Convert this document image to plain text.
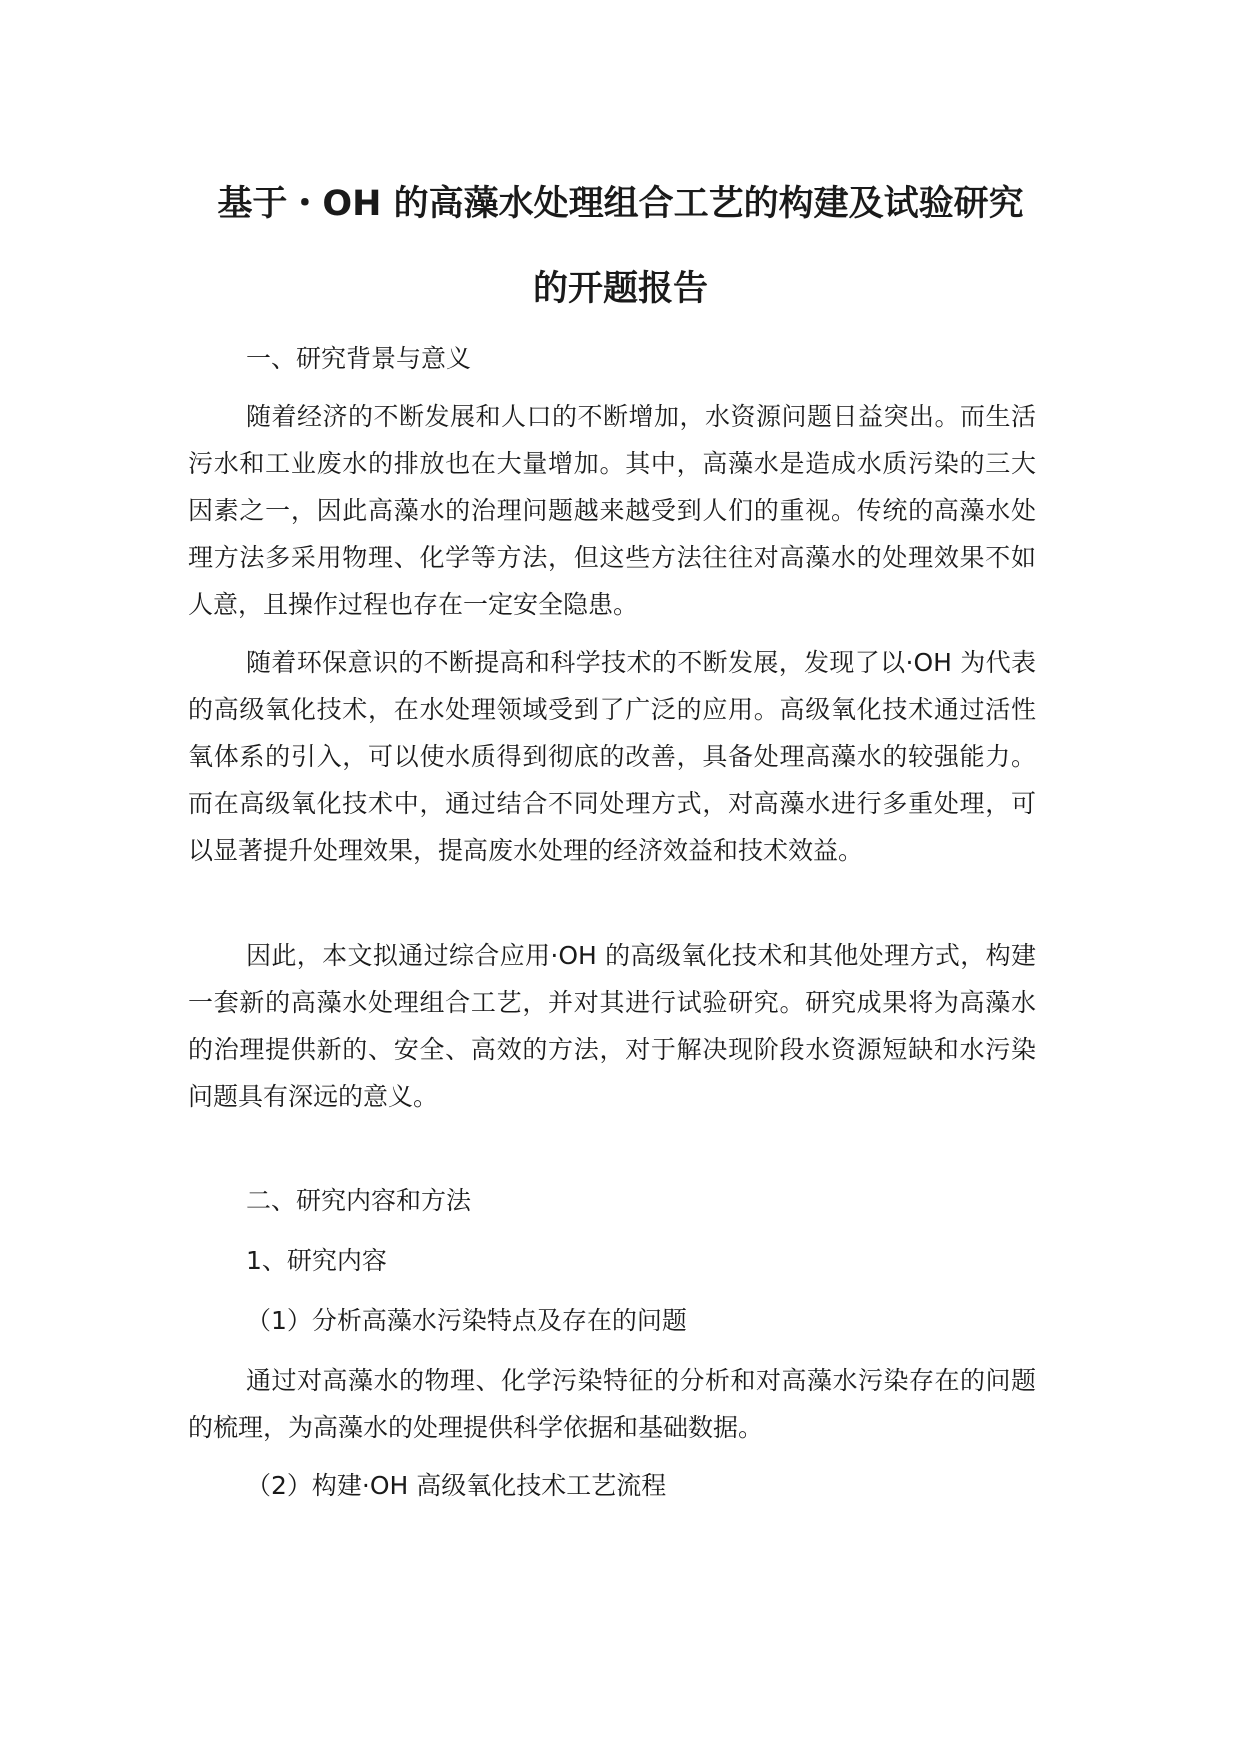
基于・OH 的高藻水处理组合工艺的构建及试验研究
的开题报告

一、研究背景与意义

随着经济的不断发展和人口的不断增加，水资源问题日益突出。而生活污水和工业废水的排放也在大量增加。其中，高藻水是造成水质污染的三大因素之一，因此高藻水的治理问题越来越受到人们的重视。传统的高藻水处理方法多采用物理、化学等方法，但这些方法往往对高藻水的处理效果不如人意，且操作过程也存在一定安全隐患。

随着环保意识的不断提高和科学技术的不断发展，发现了以·OH 为代表的高级氧化技术，在水处理领域受到了广泛的应用。高级氧化技术通过活性氧体系的引入，可以使水质得到彻底的改善，具备处理高藻水的较强能力。而在高级氧化技术中，通过结合不同处理方式，对高藻水进行多重处理，可以显著提升处理效果，提高废水处理的经济效益和技术效益。

因此，本文拟通过综合应用·OH 的高级氧化技术和其他处理方式，构建一套新的高藻水处理组合工艺，并对其进行试验研究。研究成果将为高藻水的治理提供新的、安全、高效的方法，对于解决现阶段水资源短缺和水污染问题具有深远的意义。

二、研究内容和方法

1、研究内容

（1）分析高藻水污染特点及存在的问题

通过对高藻水的物理、化学污染特征的分析和对高藻水污染存在的问题的梳理，为高藻水的处理提供科学依据和基础数据。

（2）构建·OH 高级氧化技术工艺流程
